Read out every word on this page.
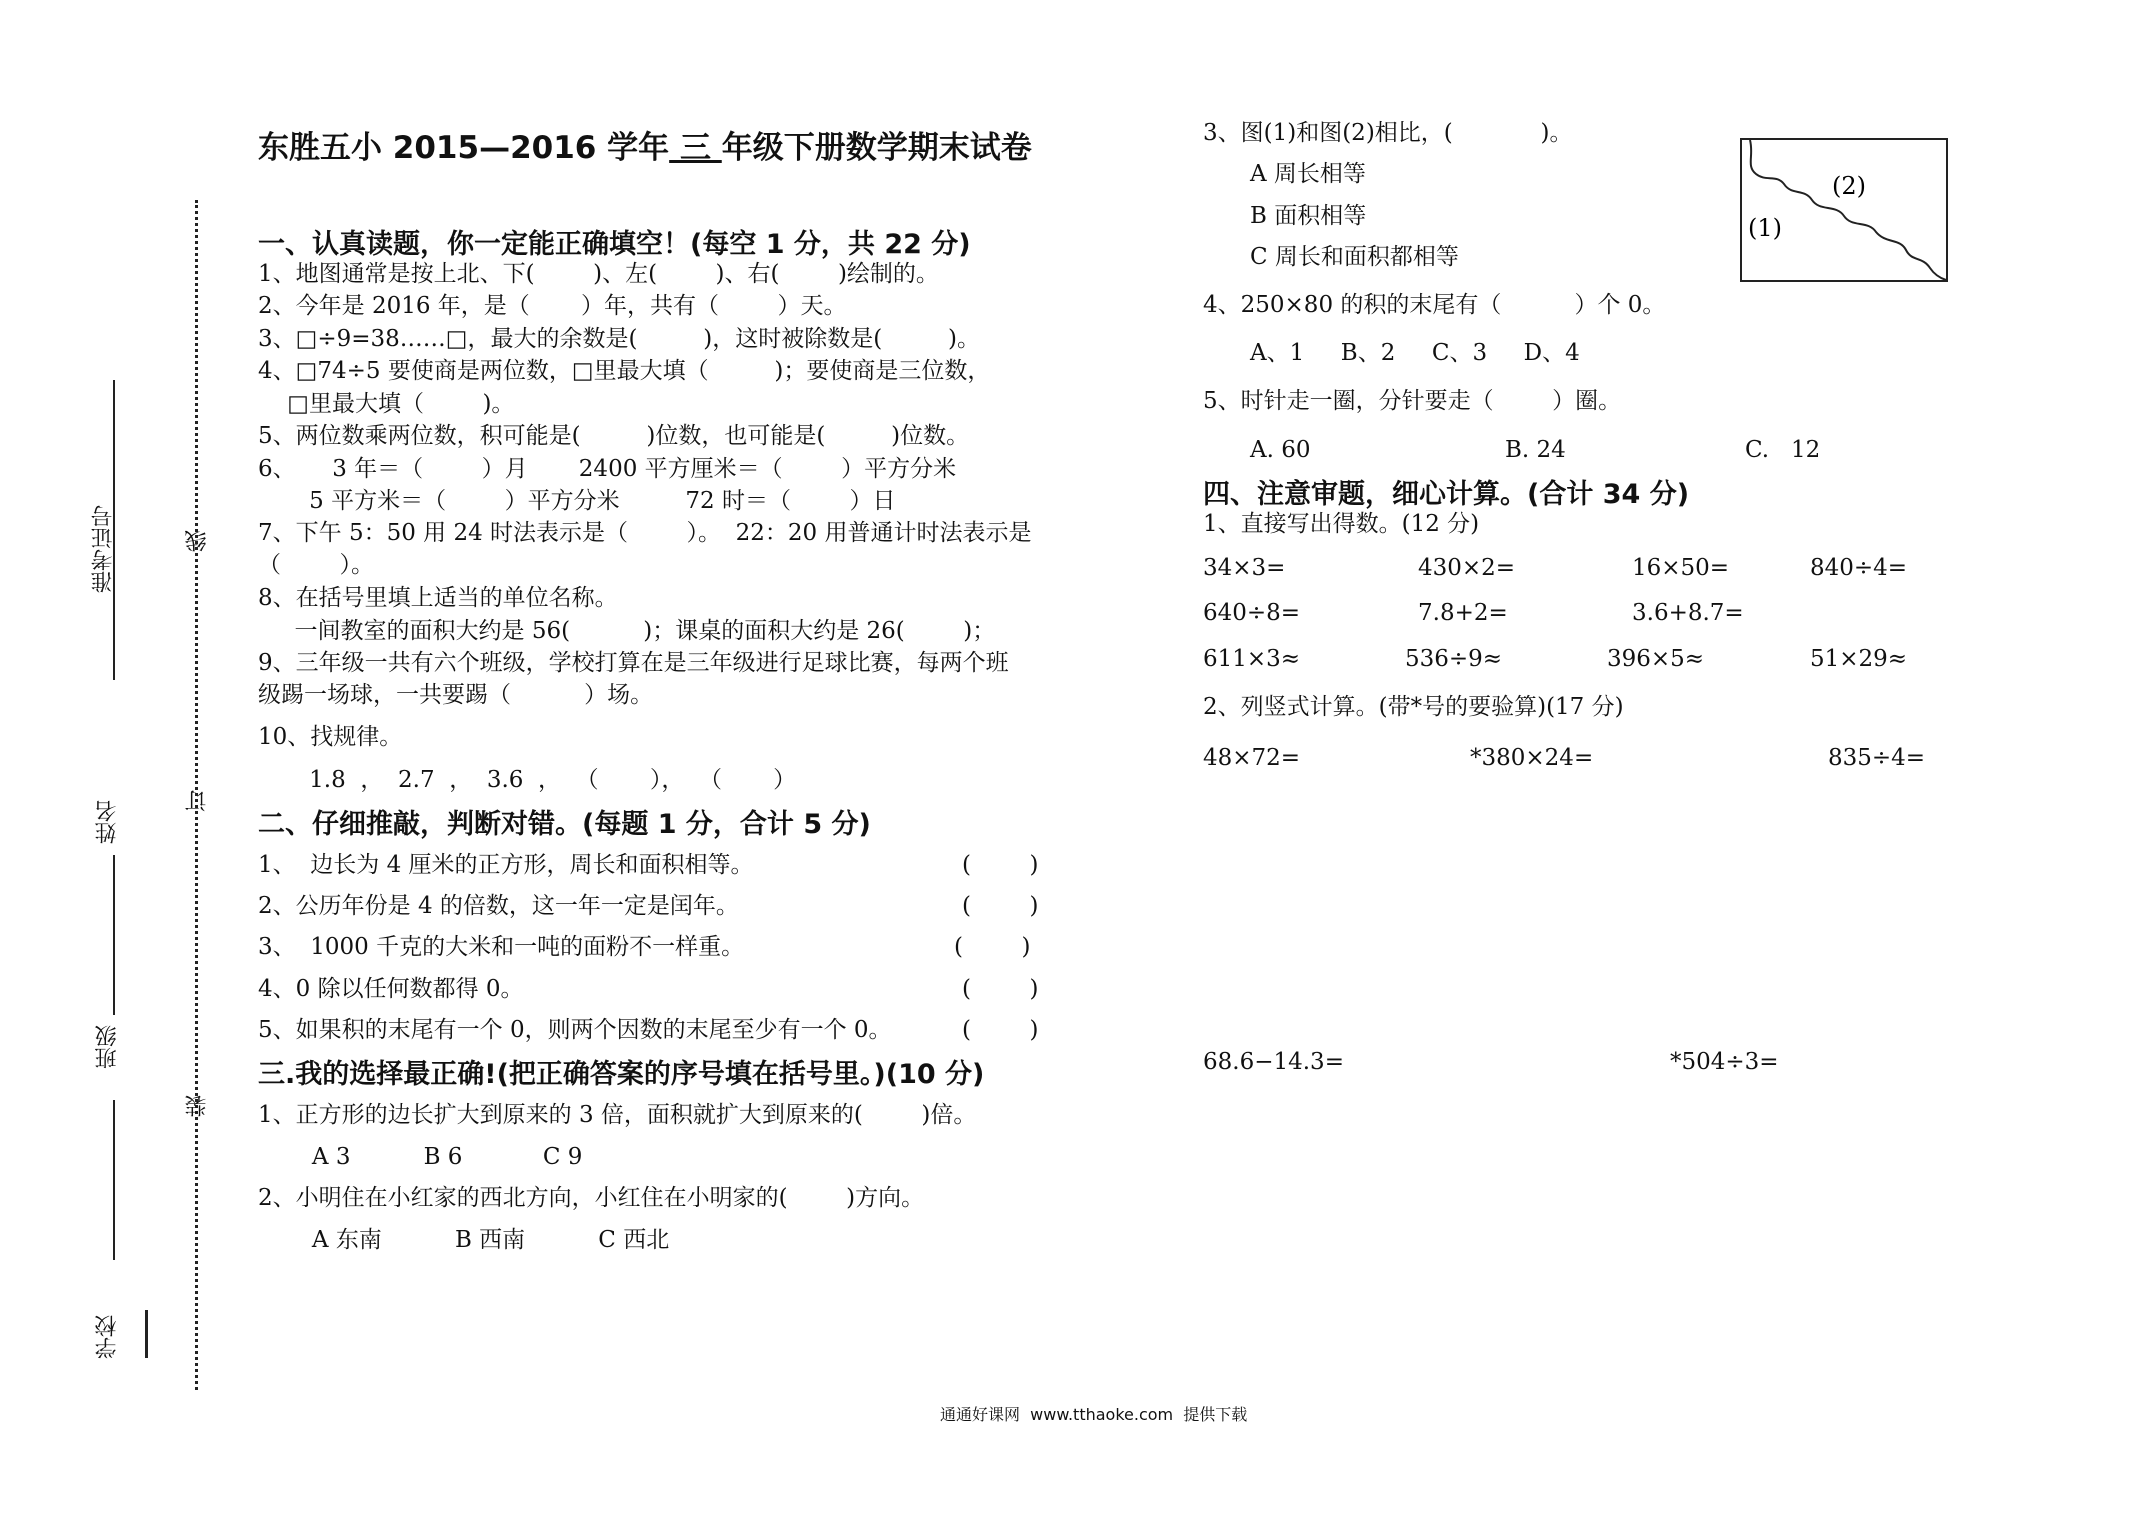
准考证号	线
姓名	订
班级
装
学校
东胜五小 2015—2016 学年 三 年级下册数学期末试卷
一、认真读题，你一定能正确填空！(每空 1 分，共 22 分)
1、地图通常是按上北、下(        )、左(        )、右(        )绘制的。
2、今年是 2016 年，是（       ）年，共有（        ）天。
3、□÷9=38……□，最大的余数是(         )，这时被除数是(         )。
4、□74÷5 要使商是两位数，□里最大填（         )；要使商是三位数，
□里最大填（        )。
5、两位数乘两位数，积可能是(         )位数，也可能是(         )位数。
6、     3 年＝（        ）月       2400 平方厘米＝（        ）平方分米
5 平方米＝（        ）平方分米         72 时＝（        ）日
7、下午 5：50 用 24 时法表示是（        ）。  22：20 用普通计时法表示是
（        ）。
8、在括号里填上适当的单位名称。
一间教室的面积大约是 56(          )；课桌的面积大约是 26(        )；
9、三年级一共有六个班级，学校打算在是三年级进行足球比赛，每两个班
级踢一场球，一共要踢（          ）场。
10、找规律。
1.8  ，  2.7  ，  3.6  ，  （       ），  （       ）
二、仔细推敲，判断对错。(每题 1 分，合计 5 分)
1、  边长为 4 厘米的正方形，周长和面积相等。	(        )
2、公历年份是 4 的倍数，这一年一定是闰年。	(        )
3、  1000 千克的大米和一吨的面粉不一样重。	(        )
4、0 除以任何数都得 0。	(        )
5、如果积的末尾有一个 0，则两个因数的末尾至少有一个 0。	(        )
三.我的选择最正确!(把正确答案的序号填在括号里。)(10 分)
1、正方形的边长扩大到原来的 3 倍，面积就扩大到原来的(        )倍。
A 3          B 6           C 9
2、小明住在小红家的西北方向，小红住在小明家的(        )方向。
A 东南          B 西南          C 西北
3、图(1)和图(2)相比，(            )。
A 周长相等
B 面积相等
C 周长和面积都相等
(1)
(2)
4、250×80 的积的末尾有（          ）个 0。
A、1     B、2     C、3     D、4
5、时针走一圈，分针要走（        ）圈。
A. 60	B. 24	C.   12
四、注意审题，细心计算。(合计 34 分)
1、直接写出得数。(12 分)
34×3=	430×2=	16×50=	840÷4=
640÷8=	7.8+2=	3.6+8.7=
611×3≈	536÷9≈	396×5≈	51×29≈
2、列竖式计算。(带*号的要验算)(17 分)
48×72=	*380×24=	835÷4=
68.6−14.3=	*504÷3=
通通好课网  www.tthaoke.com  提供下载
